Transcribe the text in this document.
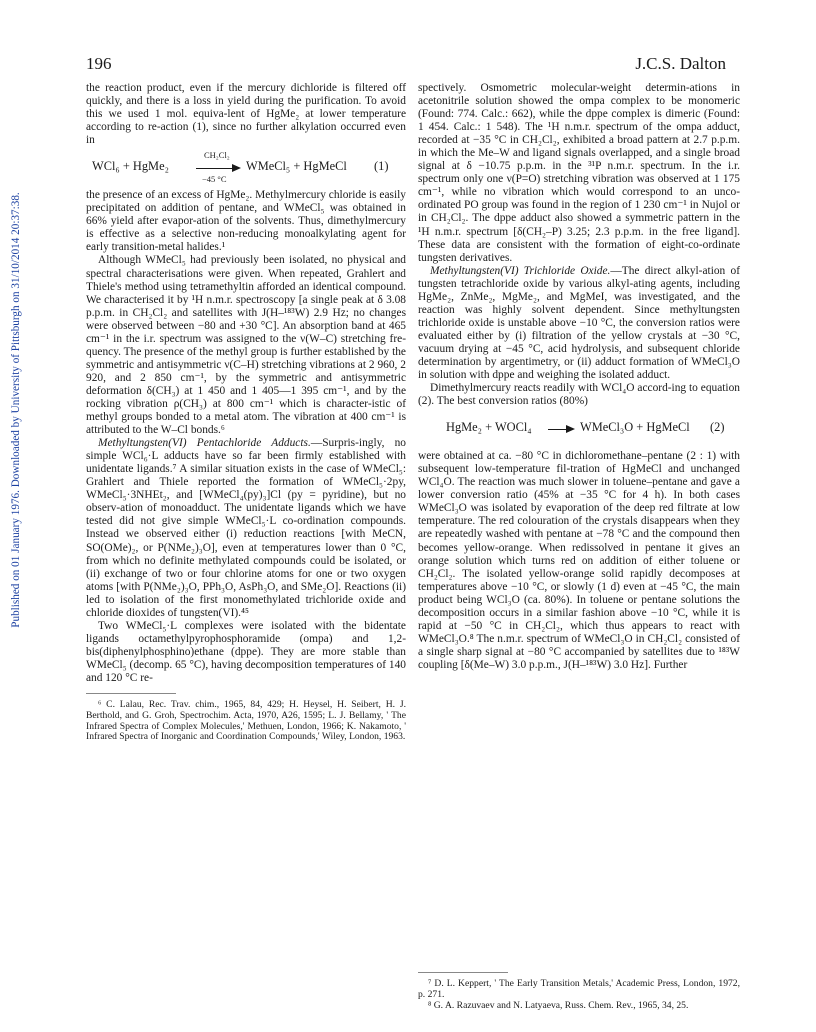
196	J.C.S. Dalton
Published on 01 January 1976. Downloaded by University of Pittsburgh on 31/10/2014 20:37:38.

the reaction product, even if the mercury dichloride is filtered off quickly, and there is a loss in yield during the purification. To avoid this we used 1 mol. equiva-lent of HgMe₂ at lower temperature according to re-action (1), since no further alkylation occurred even in

WCl₆ + HgMe₂
CH₂Cl₂
−45 °C
WMeCl₅ + HgMeCl (1)

the presence of an excess of HgMe₂. Methylmercury chloride is easily precipitated on addition of pentane, and WMeCl₅ was obtained in 66% yield after evapor-ation of the solvents. Thus, dimethylmercury is effective as a selective non-reducing monoalkylating agent for early transition-metal halides.¹

Although WMeCl₅ had previously been isolated, no physical and spectral characterisations were given. When repeated, Grahlert and Thiele's method using tetramethyltin afforded an identical compound. We characterised it by ¹H n.m.r. spectroscopy [a single peak at δ 3.08 p.p.m. in CH₂Cl₂ and satellites with J(H–¹⁸³W) 2.9 Hz; no changes were observed between −80 and +30 °C]. An absorption band at 465 cm⁻¹ in the i.r. spectrum was assigned to the ν(W–C) stretching fre-quency. The presence of the methyl group is further established by the symmetric and antisymmetric ν(C–H) stretching vibrations at 2 960, 2 920, and 2 850 cm⁻¹, by the symmetric and antisymmetric deformation δ(CH₃) at 1 450 and 1 405—1 395 cm⁻¹, and by the rocking vibration ρ(CH₃) at 800 cm⁻¹ which is character-istic of methyl groups bonded to a metal atom. The vibration at 400 cm⁻¹ is attributed to the W–Cl bonds.⁶

Methyltungsten(VI) Pentachloride Adducts.—Surpris-ingly, no simple WCl₆·L adducts have so far been firmly established with unidentate ligands.⁷ A similar situation exists in the case of WMeCl₅: Grahlert and Thiele reported the formation of WMeCl₅·2py, WMeCl₅·3NHEt₂, and [WMeCl₄(py)₃]Cl (py = pyridine), but no observ-ation of monoadduct. The unidentate ligands which we have tested did not give simple WMeCl₅·L co-ordination compounds. Instead we observed either (i) reduction reactions [with MeCN, SO(OMe)₂, or P(NMe₂)₃O], even at temperatures lower than 0 °C, from which no definite methylated compounds could be isolated, or (ii) exchange of two or four chlorine atoms for one or two oxygen atoms [with P(NMe₂)₃O, PPh₃O, AsPh₃O, and SMe₂O]. Reactions (ii) led to isolation of the first monomethylated trichloride oxide and chloride dioxides of tungsten(VI).⁴⁵

Two WMeCl₅·L complexes were isolated with the bidentate ligands octamethylpyrophosphoramide (ompa) and 1,2-bis(diphenylphosphino)ethane (dppe). They are more stable than WMeCl₅ (decomp. 65 °C), having decomposition temperatures of 140 and 120 °C re-

⁶ C. Lalau, Rec. Trav. chim., 1965, 84, 429; H. Heysel, H. Seibert, H. J. Berthold, and G. Groh, Spectrochim. Acta, 1970, A26, 1595; L. J. Bellamy, ' The Infrared Spectra of Complex Molecules,' Methuen, London, 1966; K. Nakamoto, ' Infrared Spectra of Inorganic and Coordination Compounds,' Wiley, London, 1963.

spectively. Osmometric molecular-weight determin-ations in acetonitrile solution showed the ompa complex to be monomeric (Found: 774. Calc.: 662), while the dppe complex is dimeric (Found: 1 454. Calc.: 1 548). The ¹H n.m.r. spectrum of the ompa adduct, recorded at −35 °C in CH₂Cl₂, exhibited a broad pattern at 2.7 p.p.m. in which the Me–W and ligand signals overlapped, and a single broad signal at δ −10.75 p.p.m. in the ³¹P n.m.r. spectrum. In the i.r. spectrum only one ν(P=O) stretching vibration was observed at 1 175 cm⁻¹, while no vibration which would correspond to an unco-ordinated PO group was found in the region of 1 230 cm⁻¹ in Nujol or in CH₂Cl₂. The dppe adduct also showed a symmetric pattern in the ¹H n.m.r. spectrum [δ(CH₂–P) 3.25; 2.3 p.p.m. in the free ligand]. These data are consistent with the formation of eight-co-ordinate tungsten derivatives.

Methyltungsten(VI) Trichloride Oxide.—The direct alkyl-ation of tungsten tetrachloride oxide by various alkyl-ating agents, including HgMe₂, ZnMe₂, MgMe₂, and MgMeI, was investigated, and the reaction was highly solvent dependent. Since methyltungsten trichloride oxide is unstable above −10 °C, the conversion ratios were evaluated either by (i) filtration of the yellow crystals at −30 °C, vacuum drying at −45 °C, acid hydrolysis, and subsequent chloride determination by argentimetry, or (ii) adduct formation of WMeCl₃O in solution with dppe and weighing the isolated adduct.

Dimethylmercury reacts readily with WCl₄O accord-ing to equation (2). The best conversion ratios (80%)

HgMe₂ + WOCl₄	WMeCl₃O + HgMeCl (2)

were obtained at ca. −80 °C in dichloromethane–pentane (2 : 1) with subsequent low-temperature fil-tration of HgMeCl and unchanged WCl₄O. The reaction was much slower in toluene–pentane and gave a lower conversion ratio (45% at −35 °C for 4 h). In both cases WMeCl₃O was isolated by evaporation of the deep red filtrate at low temperature. The red colouration of the crystals disappears when they are repeatedly washed with pentane at −78 °C and the compound then becomes yellow-orange. When redissolved in pentane it gives an orange solution which turns red on addition of either toluene or CH₂Cl₂. The isolated yellow-orange solid rapidly decomposes at temperatures above −10 °C, or slowly (1 d) even at −45 °C, the main product being WCl₃O (ca. 80%). In toluene or pentane solutions the decomposition occurs in a similar fashion above −10 °C, while it is rapid at −50 °C in CH₂Cl₂, which thus appears to react with WMeCl₃O.⁸ The n.m.r. spectrum of WMeCl₃O in CH₂Cl₂ consisted of a single sharp signal at −80 °C accompanied by satellites due to ¹⁸³W coupling [δ(Me–W) 3.0 p.p.m., J(H–¹⁸³W) 3.0 Hz]. Further

⁷ D. L. Keppert, ' The Early Transition Metals,' Academic Press, London, 1972, p. 271.

⁸ G. A. Razuvaev and N. Latyaeva, Russ. Chem. Rev., 1965, 34, 25.
